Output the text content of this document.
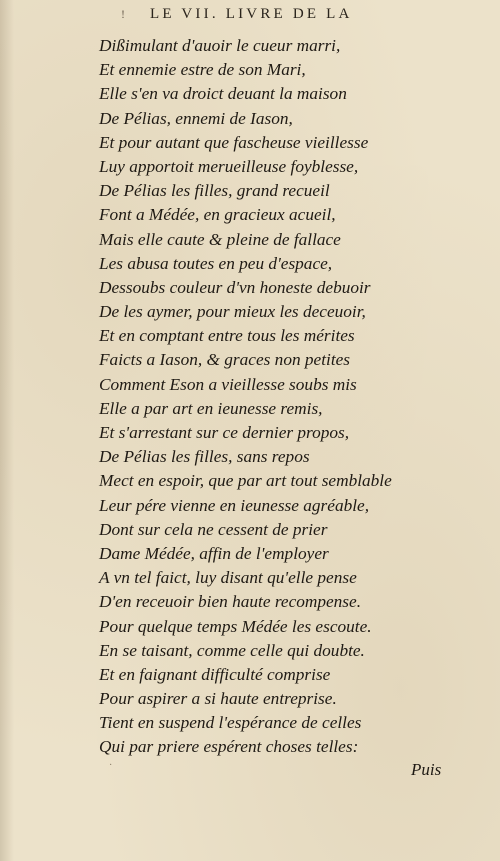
! LE VII. LIVRE DE LA
Dißimulant d'auoir le cueur marri,
Et ennemie estre de son Mari,
Elle s'en va droict deuant la maison
De Pélias, ennemi de Iason,
Et pour autant que fascheuse vieillesse
Luy apportoit merueilleuse foyblesse,
De Pélias les filles, grand recueil
Font a Médée, en gracieux acueil,
Mais elle caute & pleine de fallace
Les abusa toutes en peu d'espace,
Dessoubs couleur d'vn honeste debuoir
De les aymer, pour mieux les deceuoir,
Et en comptant entre tous les mérites
Faicts a Iason, & graces non petites
Comment Eson a vieillesse soubs mis
Elle a par art en ieunesse remis,
Et s'arrestant sur ce dernier propos,
De Pélias les filles, sans repos
Mect en espoir, que par art tout semblable
Leur pére vienne en ieunesse agréable,
Dont sur cela ne cessent de prier
Dame Médée, affin de l'employer
A vn tel faict, luy disant qu'elle pense
D'en receuoir bien haute recompense.
Pour quelque temps Médée les escoute.
En se taisant, comme celle qui doubte.
Et en faignant difficulté comprise
Pour aspirer a si haute entreprise.
Tient en suspend l'espérance de celles
Qui par priere espérent choses telles:
·	Puis
